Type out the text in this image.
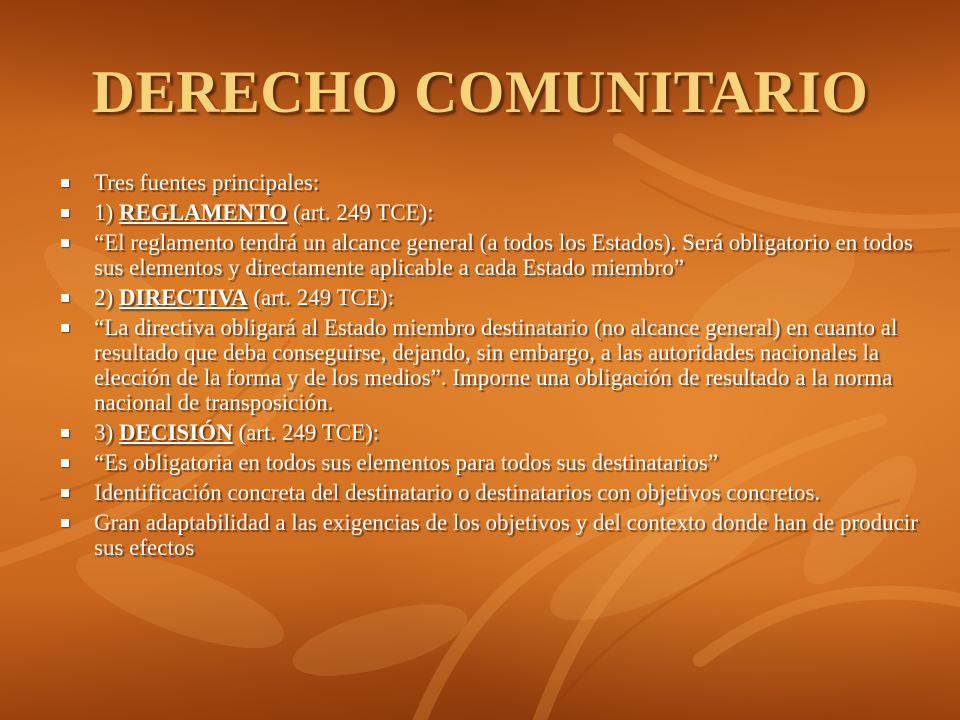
DERECHO COMUNITARIO
Tres fuentes principales:
1) REGLAMENTO (art. 249 TCE):
“El reglamento tendrá un alcance general (a todos los Estados). Será obligatorio en todos sus elementos y directamente aplicable a cada Estado miembro”
2) DIRECTIVA (art. 249 TCE):
“La directiva obligará al Estado miembro destinatario (no alcance general) en cuanto al resultado que deba conseguirse, dejando, sin embargo, a las autoridades nacionales la elección de la forma y de los medios”. Imporne una obligación de resultado a la norma nacional de transposición.
3) DECISIÓN (art. 249 TCE):
“Es obligatoria en todos sus elementos para todos sus destinatarios”
Identificación concreta del destinatario o destinatarios con objetivos concretos.
Gran adaptabilidad a las exigencias de los objetivos y del contexto donde han de producir sus efectos
